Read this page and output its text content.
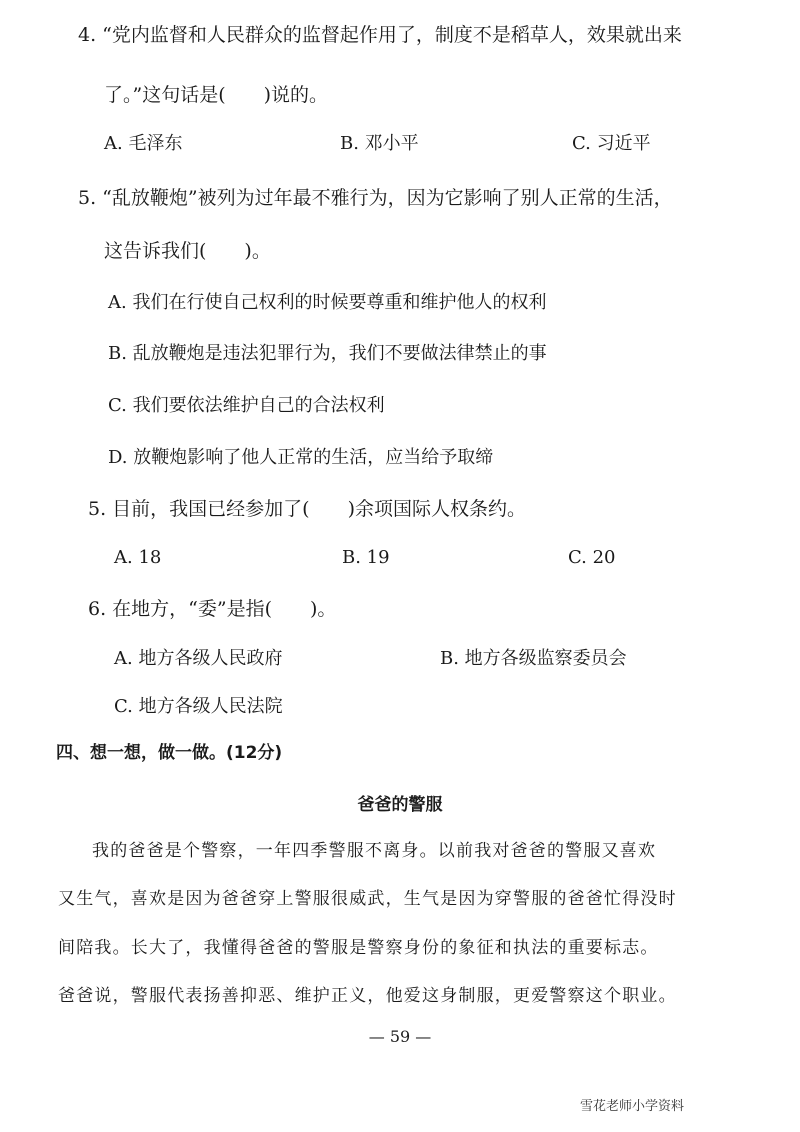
4. “党内监督和人民群众的监督起作用了，制度不是稻草人，效果就出来
了。”这句话是(　　)说的。
A. 毛泽东	B. 邓小平	C. 习近平
5. “乱放鞭炮”被列为过年最不雅行为，因为它影响了别人正常的生活，
这告诉我们(　　)。
A. 我们在行使自己权利的时候要尊重和维护他人的权利
B. 乱放鞭炮是违法犯罪行为，我们不要做法律禁止的事
C. 我们要依法维护自己的合法权利
D. 放鞭炮影响了他人正常的生活，应当给予取缔
5. 目前，我国已经参加了(　　)余项国际人权条约。
A. 18	B. 19	C. 20
6. 在地方，“委”是指(　　)。
A. 地方各级人民政府	B. 地方各级监察委员会
C. 地方各级人民法院
四、想一想，做一做。(12分)
爸爸的警服
我的爸爸是个警察，一年四季警服不离身。以前我对爸爸的警服又喜欢
又生气，喜欢是因为爸爸穿上警服很威武，生气是因为穿警服的爸爸忙得没时
间陪我。长大了，我懂得爸爸的警服是警察身份的象征和执法的重要标志。
爸爸说，警服代表扬善抑恶、维护正义，他爱这身制服，更爱警察这个职业。
— 59 —
雪花老师小学资料
